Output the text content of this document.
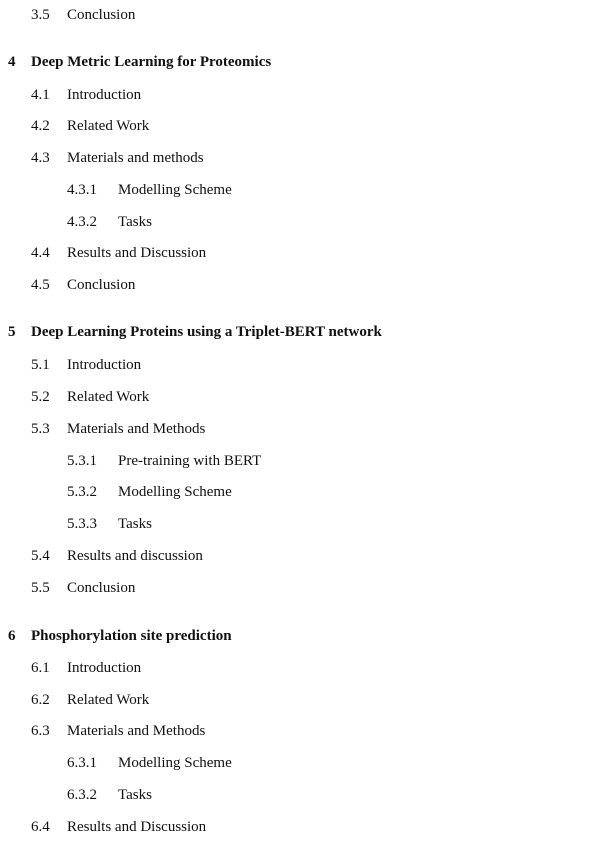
3.5 Conclusion
4 Deep Metric Learning for Proteomics
4.1 Introduction
4.2 Related Work
4.3 Materials and methods
4.3.1 Modelling Scheme
4.3.2 Tasks
4.4 Results and Discussion
4.5 Conclusion
5 Deep Learning Proteins using a Triplet-BERT network
5.1 Introduction
5.2 Related Work
5.3 Materials and Methods
5.3.1 Pre-training with BERT
5.3.2 Modelling Scheme
5.3.3 Tasks
5.4 Results and discussion
5.5 Conclusion
6 Phosphorylation site prediction
6.1 Introduction
6.2 Related Work
6.3 Materials and Methods
6.3.1 Modelling Scheme
6.3.2 Tasks
6.4 Results and Discussion
